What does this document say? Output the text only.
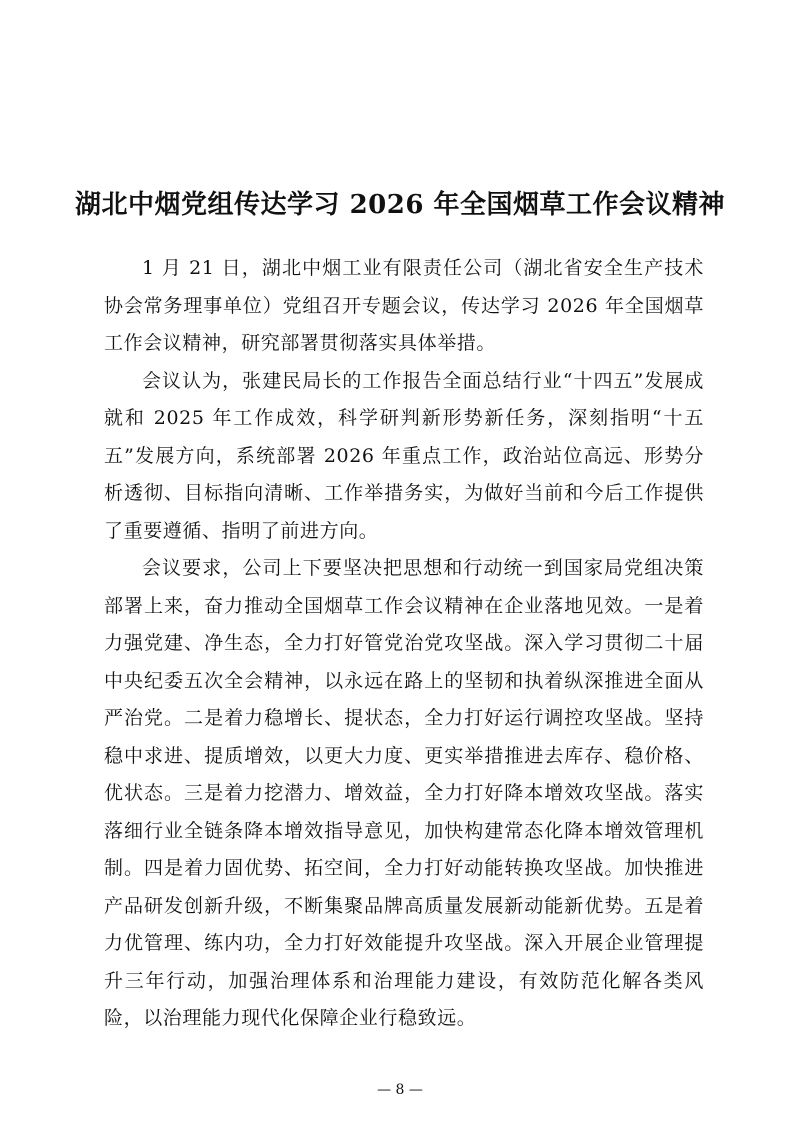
湖北中烟党组传达学习 2026 年全国烟草工作会议精神

1 月 21 日，湖北中烟工业有限责任公司（湖北省安全生产技术协会常务理事单位）党组召开专题会议，传达学习 2026 年全国烟草工作会议精神，研究部署贯彻落实具体举措。

会议认为，张建民局长的工作报告全面总结行业“十四五”发展成就和 2025 年工作成效，科学研判新形势新任务，深刻指明“十五五”发展方向，系统部署 2026 年重点工作，政治站位高远、形势分析透彻、目标指向清晰、工作举措务实，为做好当前和今后工作提供了重要遵循、指明了前进方向。

会议要求，公司上下要坚决把思想和行动统一到国家局党组决策部署上来，奋力推动全国烟草工作会议精神在企业落地见效。一是着力强党建、净生态，全力打好管党治党攻坚战。深入学习贯彻二十届中央纪委五次全会精神，以永远在路上的坚韧和执着纵深推进全面从严治党。二是着力稳增长、提状态，全力打好运行调控攻坚战。坚持稳中求进、提质增效，以更大力度、更实举措推进去库存、稳价格、优状态。三是着力挖潜力、增效益，全力打好降本增效攻坚战。落实落细行业全链条降本增效指导意见，加快构建常态化降本增效管理机制。四是着力固优势、拓空间，全力打好动能转换攻坚战。加快推进产品研发创新升级，不断集聚品牌高质量发展新动能新优势。五是着力优管理、练内功，全力打好效能提升攻坚战。深入开展企业管理提升三年行动，加强治理体系和治理能力建设，有效防范化解各类风险，以治理能力现代化保障企业行稳致远。

— 8 —
